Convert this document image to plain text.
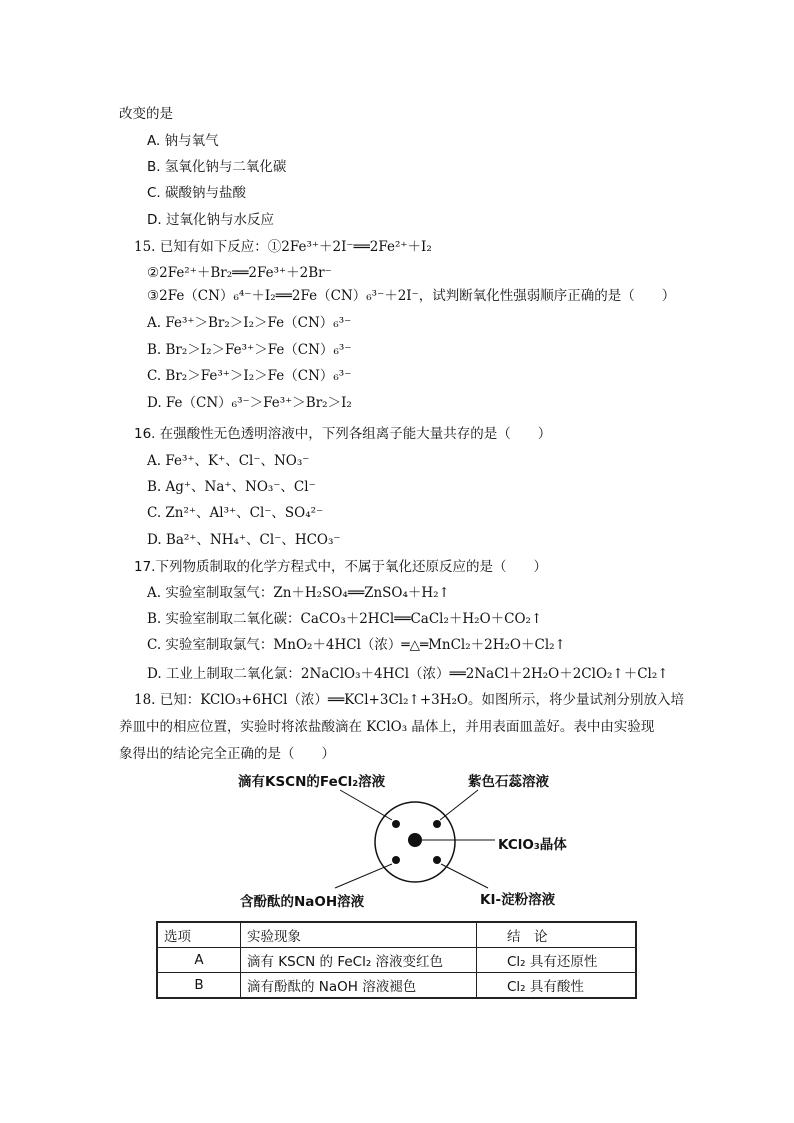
改变的是
A. 钠与氧气
B. 氢氧化钠与二氧化碳
C. 碳酸钠与盐酸
D. 过氧化钠与水反应
15. 已知有如下反应：①2Fe³⁺＋2I⁻══2Fe²⁺＋I₂
②2Fe²⁺＋Br₂══2Fe³⁺＋2Br⁻
③2Fe（CN）₆⁴⁻＋I₂══2Fe（CN）₆³⁻＋2I⁻，试判断氧化性强弱顺序正确的是（　　）
A. Fe³⁺＞Br₂＞I₂＞Fe（CN）₆³⁻
B. Br₂＞I₂＞Fe³⁺＞Fe（CN）₆³⁻
C. Br₂＞Fe³⁺＞I₂＞Fe（CN）₆³⁻
D. Fe（CN）₆³⁻＞Fe³⁺＞Br₂＞I₂
16. 在强酸性无色透明溶液中，下列各组离子能大量共存的是（　　）
A. Fe³⁺、K⁺、Cl⁻、NO₃⁻
B. Ag⁺、Na⁺、NO₃⁻、Cl⁻
C. Zn²⁺、Al³⁺、Cl⁻、SO₄²⁻
D. Ba²⁺、NH₄⁺、Cl⁻、HCO₃⁻
17.下列物质制取的化学方程式中，不属于氧化还原反应的是（　　）
A. 实验室制取氢气：Zn＋H₂SO₄══ZnSO₄＋H₂↑
B. 实验室制取二氧化碳：CaCO₃＋2HCl══CaCl₂＋H₂O＋CO₂↑
C. 实验室制取氯气：MnO₂＋4HCl（浓）═△═MnCl₂＋2H₂O＋Cl₂↑
D. 工业上制取二氧化氯：2NaClO₃＋4HCl（浓）══2NaCl＋2H₂O＋2ClO₂↑＋Cl₂↑
18. 已知：KClO₃+6HCl（浓）══KCl+3Cl₂↑+3H₂O。如图所示，将少量试剂分别放入培
养皿中的相应位置，实验时将浓盐酸滴在 KClO₃ 晶体上，并用表面皿盖好。表中由实验现
象得出的结论完全正确的是（　　）
滴有KSCN的FeCl₂溶液	紫色石蕊溶液
KClO₃晶体
含酚酞的NaOH溶液	KI-淀粉溶液
选项	实验现象	结　论
A	滴有 KSCN 的 FeCl₂ 溶液变红色	Cl₂ 具有还原性
B	滴有酚酞的 NaOH 溶液褪色	Cl₂ 具有酸性
